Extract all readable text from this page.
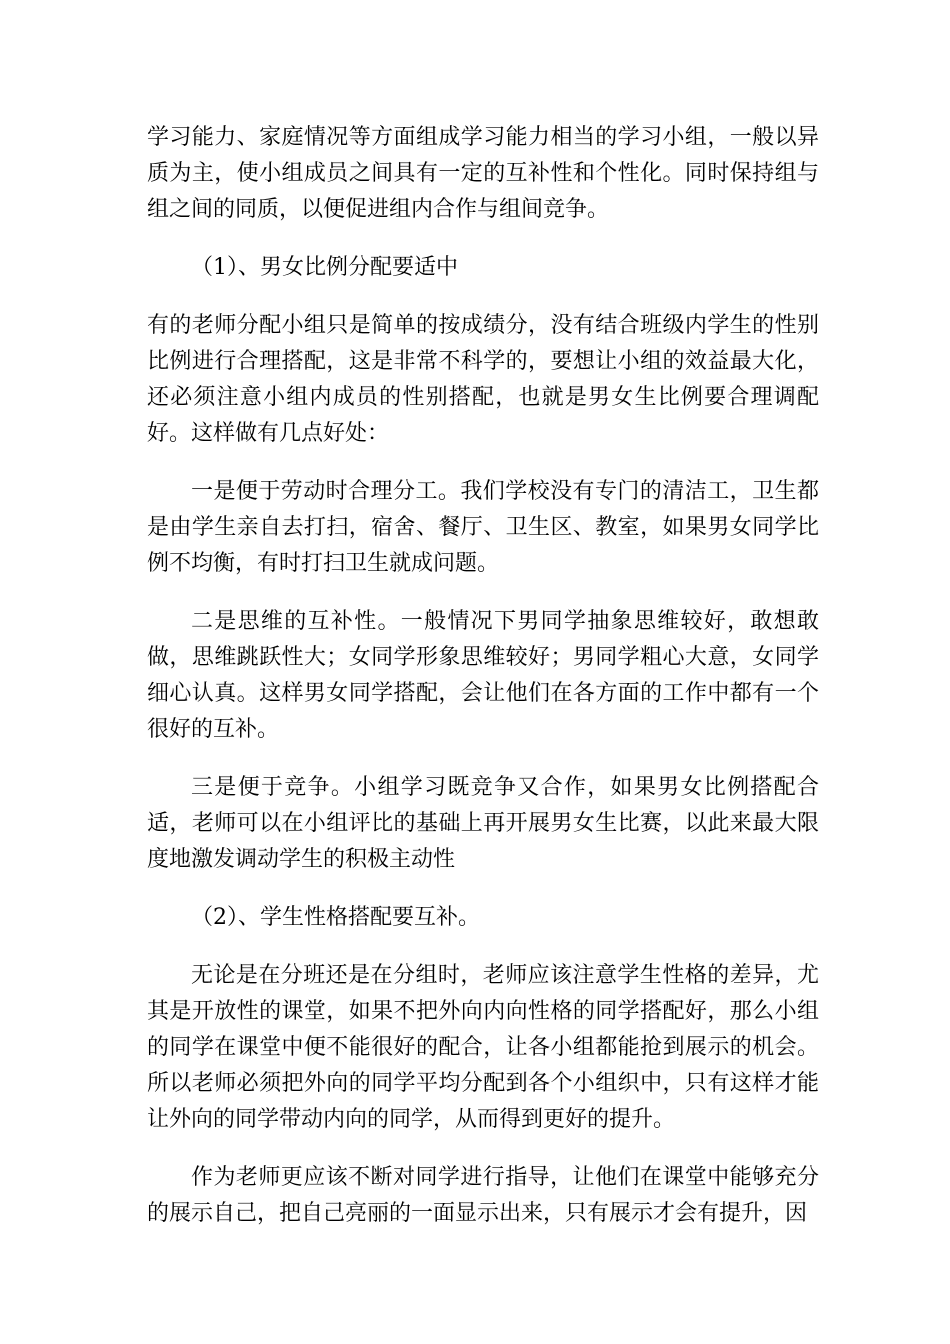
学习能力、家庭情况等方面组成学习能力相当的学习小组，一般以异质为主，使小组成员之间具有一定的互补性和个性化。同时保持组与组之间的同质，以便促进组内合作与组间竞争。

（1）、男女比例分配要适中

有的老师分配小组只是简单的按成绩分，没有结合班级内学生的性别比例进行合理搭配，这是非常不科学的，要想让小组的效益最大化，还必须注意小组内成员的性别搭配，也就是男女生比例要合理调配好。这样做有几点好处：

一是便于劳动时合理分工。我们学校没有专门的清洁工，卫生都是由学生亲自去打扫，宿舍、餐厅、卫生区、教室，如果男女同学比例不均衡，有时打扫卫生就成问题。

二是思维的互补性。一般情况下男同学抽象思维较好，敢想敢做，思维跳跃性大；女同学形象思维较好；男同学粗心大意，女同学细心认真。这样男女同学搭配，会让他们在各方面的工作中都有一个很好的互补。

三是便于竞争。小组学习既竞争又合作，如果男女比例搭配合适，老师可以在小组评比的基础上再开展男女生比赛，以此来最大限度地激发调动学生的积极主动性

（2）、学生性格搭配要互补。

无论是在分班还是在分组时，老师应该注意学生性格的差异，尤其是开放性的课堂，如果不把外向内向性格的同学搭配好，那么小组的同学在课堂中便不能很好的配合，让各小组都能抢到展示的机会。所以老师必须把外向的同学平均分配到各个小组织中，只有这样才能让外向的同学带动内向的同学，从而得到更好的提升。

作为老师更应该不断对同学进行指导，让他们在课堂中能够充分的展示自己，把自己亮丽的一面显示出来，只有展示才会有提升，因
